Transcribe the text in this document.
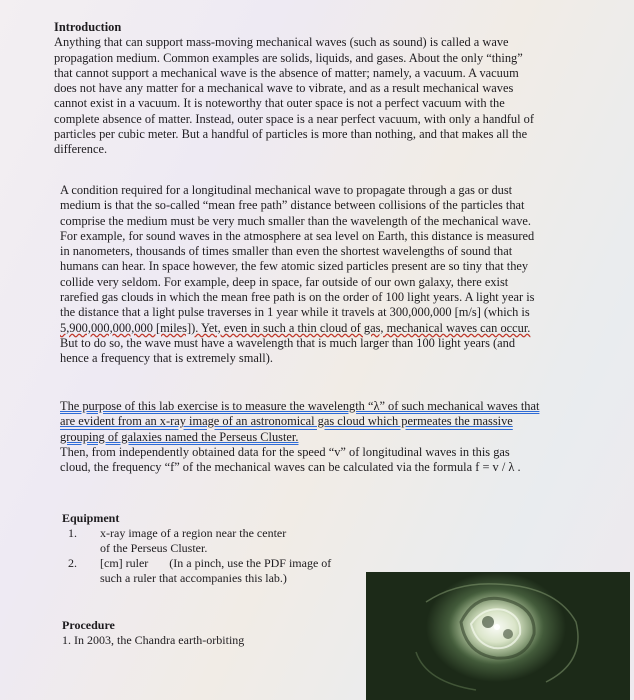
Introduction
Anything that can support mass-moving mechanical waves (such as sound) is called a wave
propagation medium. Common examples are solids, liquids, and gases. About the only “thing”
that cannot support a mechanical wave is the absence of matter; namely, a vacuum. A vacuum
does not have any matter for a mechanical wave to vibrate, and as a result mechanical waves
cannot exist in a vacuum. It is noteworthy that outer space is not a perfect vacuum with the
complete absence of matter. Instead, outer space is a near perfect vacuum, with only a handful of
particles per cubic meter. But a handful of particles is more than nothing, and that makes all the
difference.
A condition required for a longitudinal mechanical wave to propagate through a gas or dust
medium is that the so-called “mean free path” distance between collisions of the particles that
comprise the medium must be very much smaller than the wavelength of the mechanical wave.
For example, for sound waves in the atmosphere at sea level on Earth, this distance is measured
in nanometers, thousands of times smaller than even the shortest wavelengths of sound that
humans can hear. In space however, the few atomic sized particles present are so tiny that they
collide very seldom. For example, deep in space, far outside of our own galaxy, there exist
rarefied gas clouds in which the mean free path is on the order of 100 light years. A light year is
the distance that a light pulse traverses in 1 year while it travels at 300,000,000 [m/s] (which is
5,900,000,000,000 [miles]). Yet, even in such a thin cloud of gas, mechanical waves can occur.
But to do so, the wave must have a wavelength that is much larger than 100 light years (and
hence a frequency that is extremely small).
The purpose of this lab exercise is to measure the wavelength “λ” of such mechanical waves that
are evident from an x-ray image of an astronomical gas cloud which permeates the massive
grouping of galaxies named the Perseus Cluster.
Then, from independently obtained data for the speed “v” of longitudinal waves in this gas
cloud, the frequency “f” of the mechanical waves can be calculated via the formula f = v / λ .
Equipment
1. x-ray image of a region near the center
of the Perseus Cluster.
2. [cm] ruler       (In a pinch, use the PDF image of
such a ruler that accompanies this lab.)
Procedure
1. In 2003, the Chandra earth-orbiting
